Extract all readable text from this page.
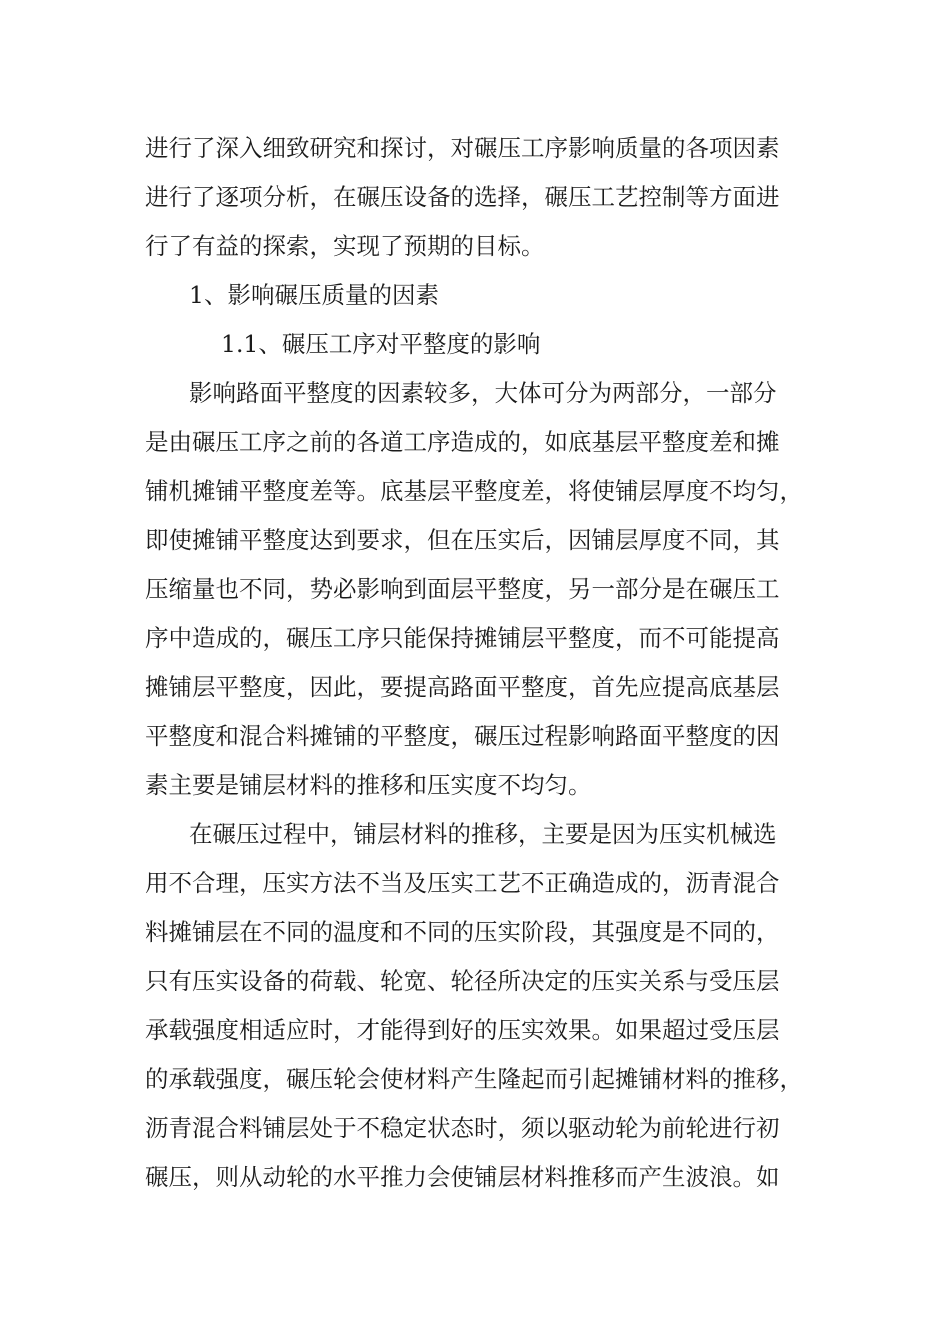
进行了深入细致研究和探讨，对碾压工序影响质量的各项因素
进行了逐项分析，在碾压设备的选择，碾压工艺控制等方面进
行了有益的探索，实现了预期的目标。
1、影响碾压质量的因素
1.1、碾压工序对平整度的影响
影响路面平整度的因素较多，大体可分为两部分，一部分
是由碾压工序之前的各道工序造成的，如底基层平整度差和摊
铺机摊铺平整度差等。底基层平整度差，将使铺层厚度不均匀，
即使摊铺平整度达到要求，但在压实后，因铺层厚度不同，其
压缩量也不同，势必影响到面层平整度，另一部分是在碾压工
序中造成的，碾压工序只能保持摊铺层平整度，而不可能提高
摊铺层平整度，因此，要提高路面平整度，首先应提高底基层
平整度和混合料摊铺的平整度，碾压过程影响路面平整度的因
素主要是铺层材料的推移和压实度不均匀。
在碾压过程中，铺层材料的推移，主要是因为压实机械选
用不合理，压实方法不当及压实工艺不正确造成的，沥青混合
料摊铺层在不同的温度和不同的压实阶段，其强度是不同的，
只有压实设备的荷载、轮宽、轮径所决定的压实关系与受压层
承载强度相适应时，才能得到好的压实效果。如果超过受压层
的承载强度，碾压轮会使材料产生隆起而引起摊铺材料的推移，
沥青混合料铺层处于不稳定状态时，须以驱动轮为前轮进行初
碾压，则从动轮的水平推力会使铺层材料推移而产生波浪。如
